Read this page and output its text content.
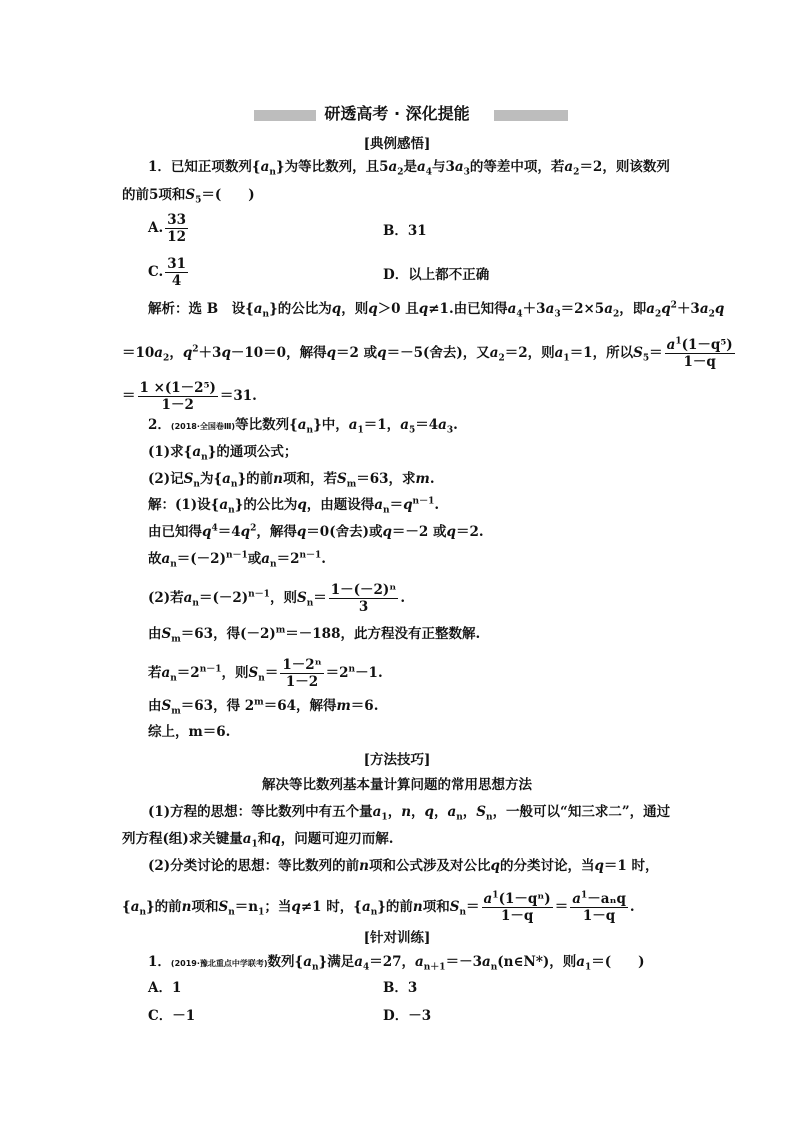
研透高考 · 深化提能
[典例感悟]
1．已知正项数列$\{a_n\}$为等比数列，且$5a_2$是$a_4$与$3a_3$的等差中项，若$a_2=2$，则该数列
的前5项和$S_5=$(　　)
A. $\frac{33}{12}$	B．31
C. $\frac{31}{4}$	D．以上都不正确
解析：选 B　设$\{a_n\}$的公比为q，则q＞0 且q≠1.由已知得$a_4+3a_3=2\times 5a_2$，即$a_2q^2+3a_2q$
$=10a_2$，$q^2+3q-10=0$，解得q＝2 或q＝－5(舍去)，又$a_2=2$，则$a_1=1$，所以$S_5= \frac{a^1(1-q^5)}{1-q}$
＝ $\frac{\text{1 ×(1－2⁵)}}{1-2} =31$.
2．(2018·全国卷Ⅲ)等比数列$\{a_n\}$中，$a_1=1$，$a_5=4a_3$.
(1)求$\{a_n\}$的通项公式；
(2)记$S_n$为$\{a_n\}$的前n项和，若$S_m=63$，求m.
解：(1)设$\{a_n\}$的公比为q，由题设得$a_n=q^{n-1}$.
由已知得$q^4=4q^2$，解得q＝0(舍去)或q＝－2 或q＝2.
故$a_n=(-2)^{n-1}$或$a_n=2^{n-1}$.
(2)若$a_n=(-2)^{n-1}$，则$S_n= \frac{\text{1－(－2)ⁿ}}{3}$ .
由$S_m=63$，得$(-2)^m=-188$，此方程没有正整数解.
若$a_n=2^{n-1}$，则$S_n= \frac{\text{1－2ⁿ}}{1-2} =2^n-1$.
由$S_m=63$，得 $2^m=64$，解得m＝6.
综上，m＝6.
[方法技巧]
解决等比数列基本量计算问题的常用思想方法
(1)方程的思想：等比数列中有五个量$a_1$，n，q，$a_n$，$S_n$，一般可以“知三求二”，通过
列方程(组)求关键量$a_1$和q，问题可迎刃而解.
(2)分类讨论的思想：等比数列的前n项和公式涉及对公比q的分类讨论，当q＝1 时，
$\{a_n\}$的前n项和$S_n=n_1$；当q≠1 时，$\{a_n\}$的前n项和$S_n= \frac{a^1(1-q^n)}{1-q} = \frac{a^1-a_nq}{1-q}$ .
[针对训练]
1．(2019·豫北重点中学联考)数列$\{a_n\}$满足$a_4=27$，$a_{n+1}=-3a_n(n\in N*)$，则$a_1=$(　　)
A．1	B．3
C．－1	D．－3
